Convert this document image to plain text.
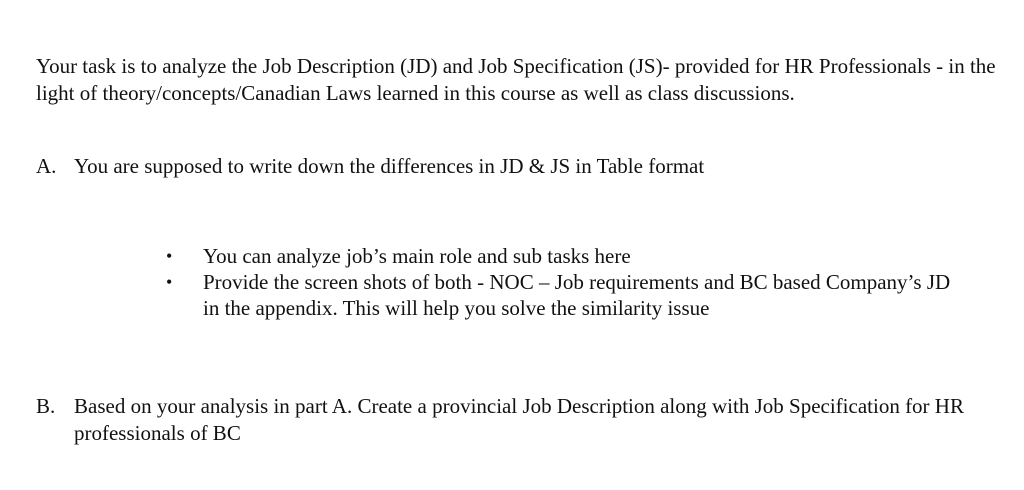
Your task is to analyze the Job Description (JD) and Job Specification (JS)- provided for HR Professionals - in the light of theory/concepts/Canadian Laws learned in this course as well as class discussions.

A. You are supposed to write down the differences in JD & JS in Table format
•	You can analyze job’s main role and sub tasks here
•	Provide the screen shots of both - NOC – Job requirements and BC based Company’s JD in the appendix. This will help you solve the similarity issue
B. Based on your analysis in part A. Create a provincial Job Description along with Job Specification for HR professionals of BC
